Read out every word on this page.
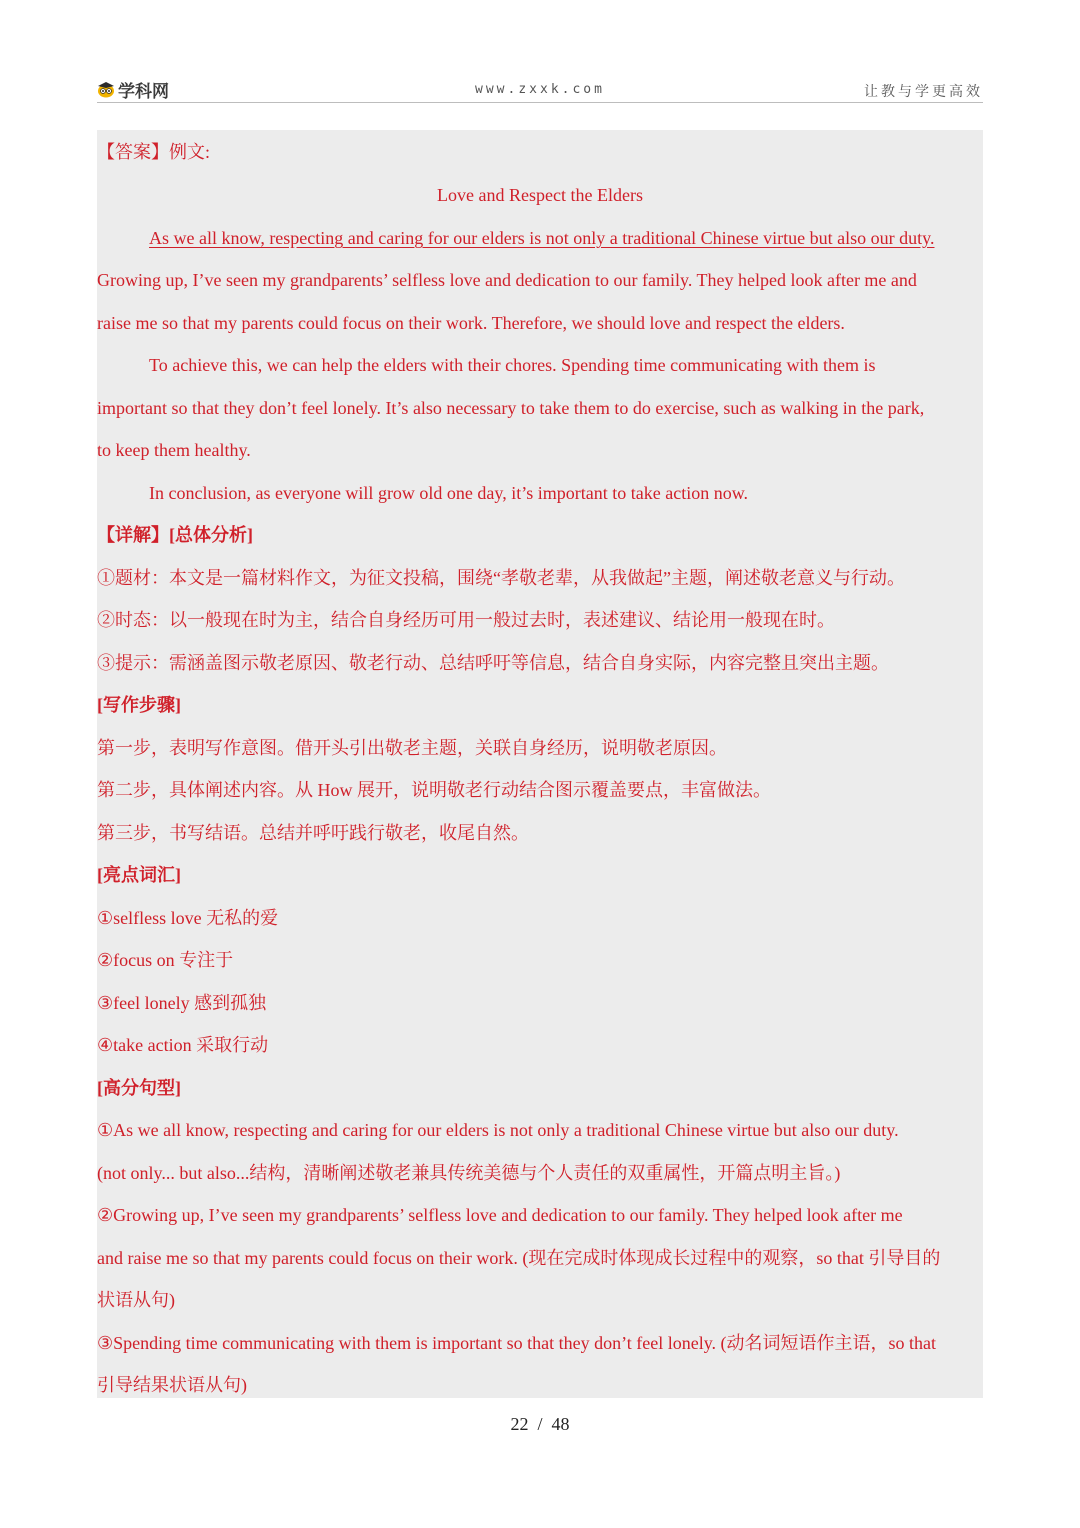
学科网	www.zxxk.com	让教与学更高效
【答案】例文:
Love and Respect the Elders
As we all know, respecting and caring for our elders is not only a traditional Chinese virtue but also our duty.
Growing up, I’ve seen my grandparents’ selfless love and dedication to our family. They helped look after me and
raise me so that my parents could focus on their work. Therefore, we should love and respect the elders.
To achieve this, we can help the elders with their chores. Spending time communicating with them is
important so that they don’t feel lonely. It’s also necessary to take them to do exercise, such as walking in the park,
to keep them healthy.
In conclusion, as everyone will grow old one day, it’s important to take action now.
【详解】[总体分析]
①题材：本文是一篇材料作文，为征文投稿，围绕“孝敬老辈，从我做起”主题，阐述敬老意义与行动。
②时态：以一般现在时为主，结合自身经历可用一般过去时，表述建议、结论用一般现在时。
③提示：需涵盖图示敬老原因、敬老行动、总结呼吁等信息，结合自身实际，内容完整且突出主题。
[写作步骤]
第一步，表明写作意图。借开头引出敬老主题，关联自身经历，说明敬老原因。
第二步，具体阐述内容。从 How 展开，说明敬老行动结合图示覆盖要点，丰富做法。
第三步，书写结语。总结并呼吁践行敬老，收尾自然。
[亮点词汇]
①selfless love 无私的爱
②focus on 专注于
③feel lonely 感到孤独
④take action 采取行动
[高分句型]
①As we all know, respecting and caring for our elders is not only a traditional Chinese virtue but also our duty.
(not only... but also...结构，清晰阐述敬老兼具传统美德与个人责任的双重属性，开篇点明主旨。)
②Growing up, I’ve seen my grandparents’ selfless love and dedication to our family. They helped look after me
and raise me so that my parents could focus on their work. (现在完成时体现成长过程中的观察，so that 引导目的
状语从句)
③Spending time communicating with them is important so that they don’t feel lonely. (动名词短语作主语，so that
引导结果状语从句)
22 / 48
